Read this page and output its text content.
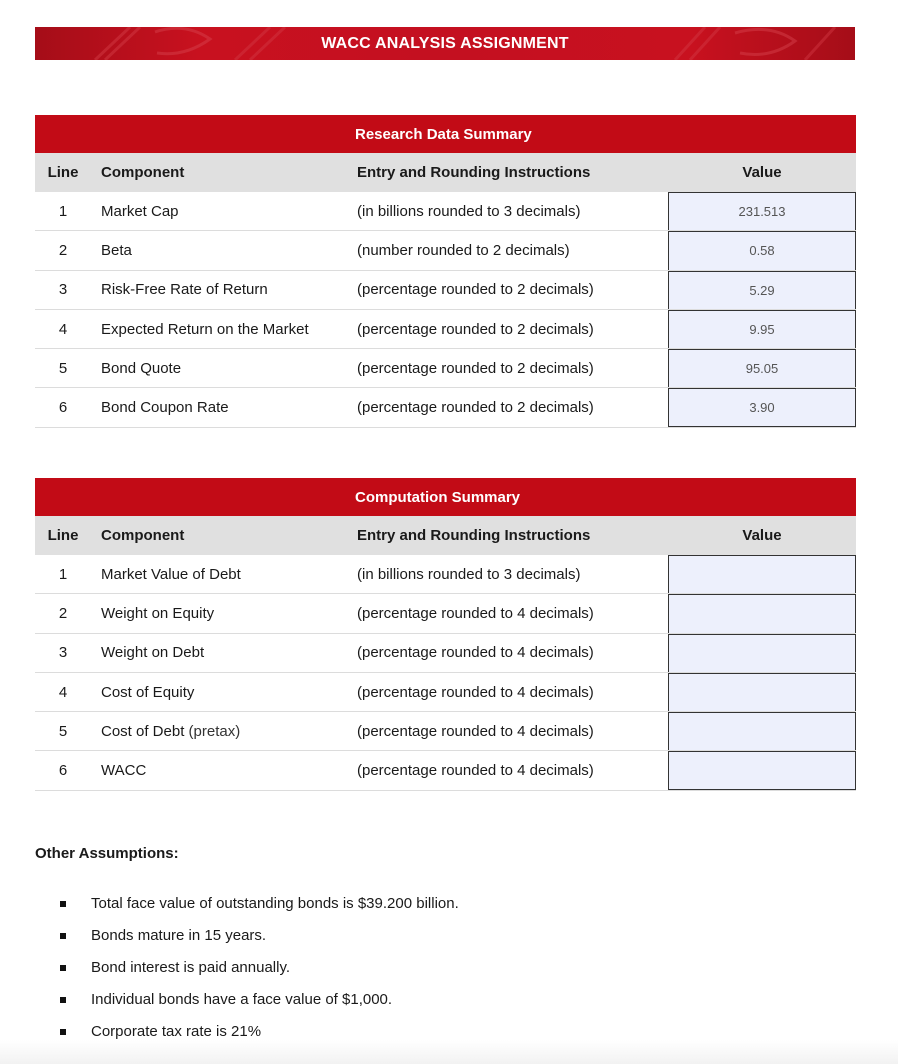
WACC ANALYSIS ASSIGNMENT
Research Data Summary
Line	Component	Entry and Rounding Instructions	Value
1	Market Cap	(in billions rounded to 3 decimals)	231.513
2	Beta	(number rounded to 2 decimals)	0.58
3	Risk-Free Rate of Return	(percentage rounded to 2 decimals)	5.29
4	Expected Return on the Market	(percentage rounded to 2 decimals)	9.95
5	Bond Quote	(percentage rounded to 2 decimals)	95.05
6	Bond Coupon Rate	(percentage rounded to 2 decimals)	3.90
Computation Summary
Line	Component	Entry and Rounding Instructions	Value
1	Market Value of Debt	(in billions rounded to 3 decimals)
2	Weight on Equity	(percentage rounded to 4 decimals)
3	Weight on Debt	(percentage rounded to 4 decimals)
4	Cost of Equity	(percentage rounded to 4 decimals)
5	Cost of Debt (pretax)	(percentage rounded to 4 decimals)
6	WACC	(percentage rounded to 4 decimals)
Other Assumptions:
Total face value of outstanding bonds is $39.200 billion.
Bonds mature in 15 years.
Bond interest is paid annually.
Individual bonds have a face value of $1,000.
Corporate tax rate is 21%
